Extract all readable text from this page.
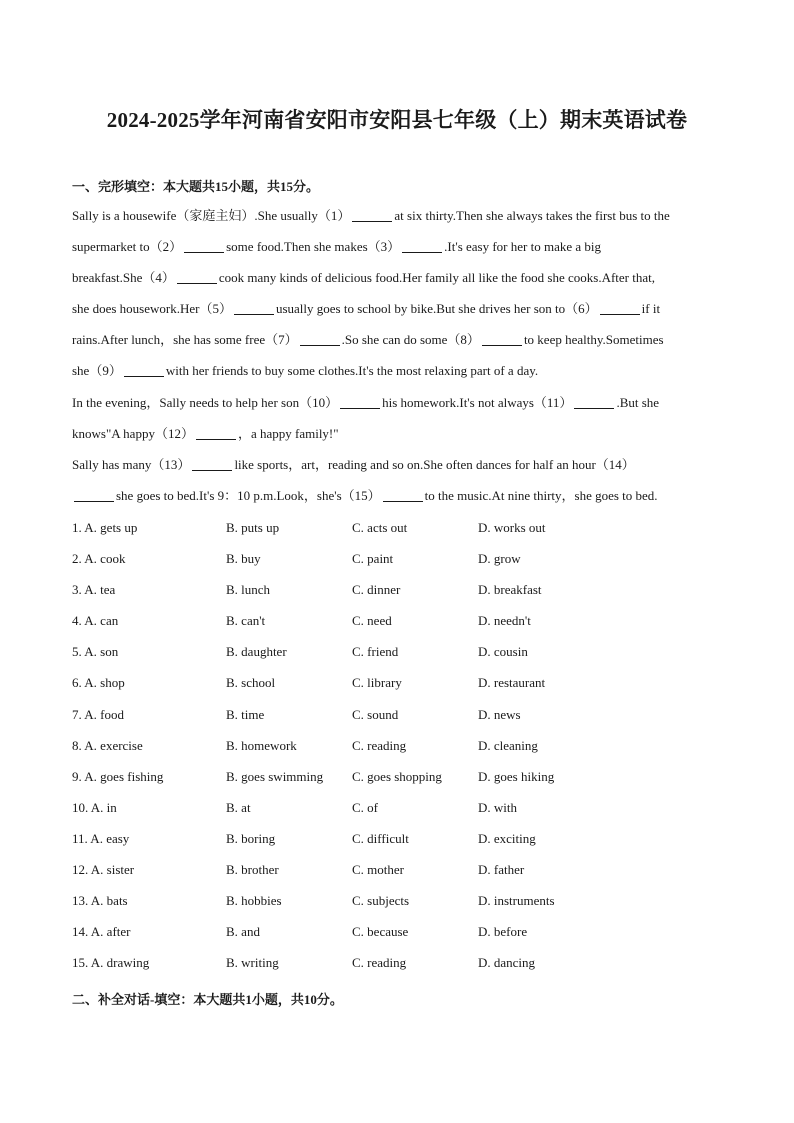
2024-2025学年河南省安阳市安阳县七年级（上）期末英语试卷
一、完形填空：本大题共15小题，共15分。
Sally is a housewife（家庭主妇）.She usually（1）	at six thirty.Then she always takes the first bus to the
supermarket to（2）	some food.Then she makes（3）	.It's easy for her to make a big
breakfast.She（4）	cook many kinds of delicious food.Her family all like the food she cooks.After that,
she does housework.Her（5）	usually goes to school by bike.But she drives her son to（6）	if it
rains.After lunch，she has some free（7）	.So she can do some（8）	to keep healthy.Sometimes
she（9）	with her friends to buy some clothes.It's the most relaxing part of a day.
In the evening，Sally needs to help her son（10）	his homework.It's not always（11）	.But she
knows"A happy（12）	，a happy family!"
Sally has many（13）	like sports，art，reading and so on.She often dances for half an hour（14）
she goes to bed.It's 9：10 p.m.Look，she's（15）	to the music.At nine thirty，she goes to bed.
1. A. gets up	B. puts up	C. acts out	D. works out
2. A. cook	B. buy	C. paint	D. grow
3. A. tea	B. lunch	C. dinner	D. breakfast
4. A. can	B. can't	C. need	D. needn't
5. A. son	B. daughter	C. friend	D. cousin
6. A. shop	B. school	C. library	D. restaurant
7. A. food	B. time	C. sound	D. news
8. A. exercise	B. homework	C. reading	D. cleaning
9. A. goes fishing	B. goes swimming C. goes shopping	D. goes hiking
10. A. in	B. at	C. of	D. with
11. A. easy	B. boring	C. difficult	D. exciting
12. A. sister	B. brother	C. mother	D. father
13. A. bats	B. hobbies	C. subjects	D. instruments
14. A. after	B. and	C. because	D. before
15. A. drawing	B. writing	C. reading	D. dancing
二、补全对话-填空：本大题共1小题，共10分。
